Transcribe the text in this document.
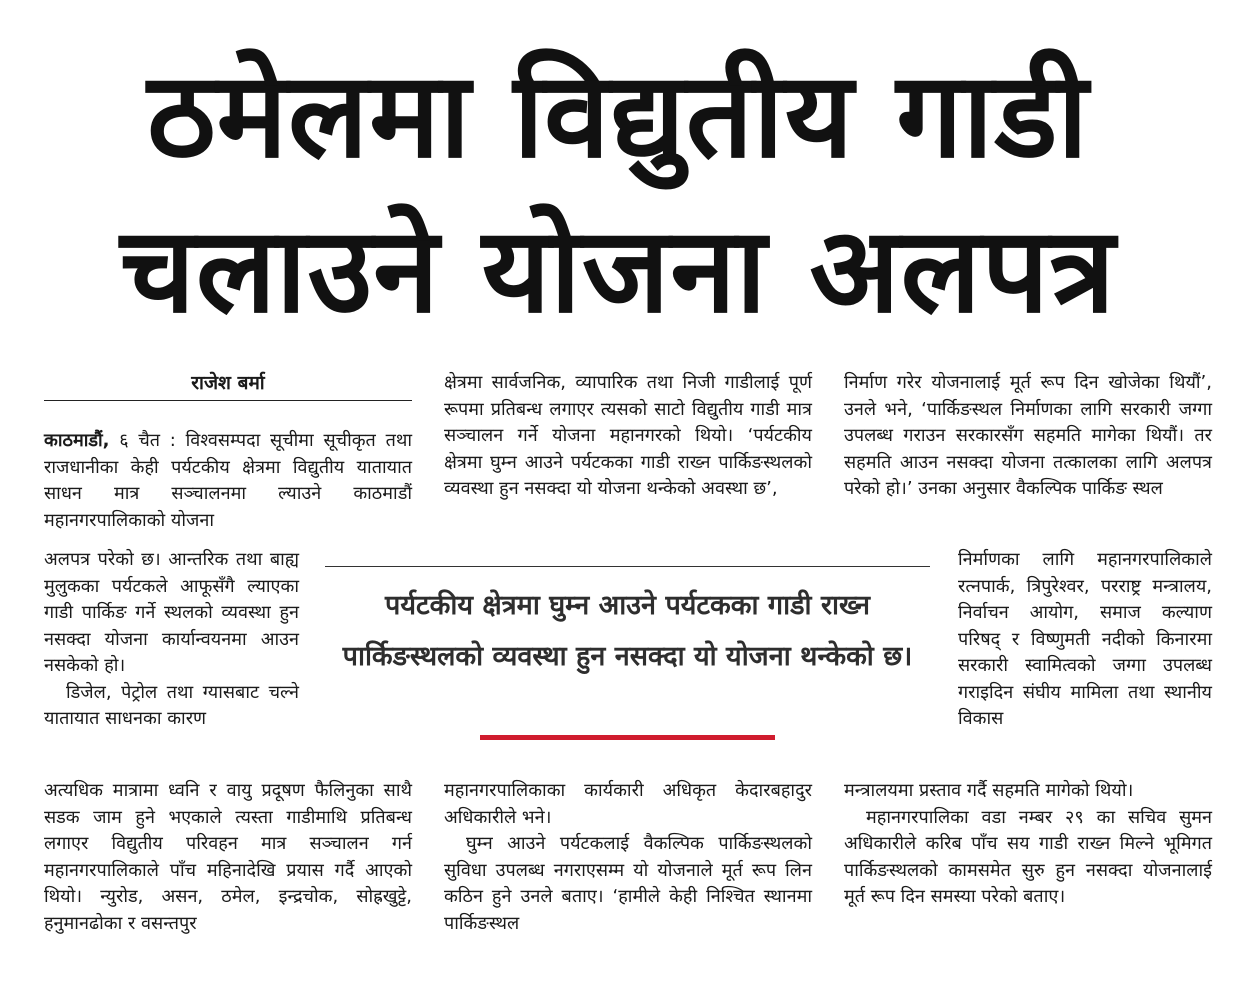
ठमेलमा विद्युतीय गाडी
चलाउने योजना अलपत्र
राजेश बर्मा

काठमाडौं, ६ चैत : विश्वसम्पदा सूचीमा सूचीकृत तथा राजधानीका केही पर्यटकीय क्षेत्रमा विद्युतीय यातायात साधन मात्र सञ्चालनमा ल्याउने काठमाडौं महानगरपालिकाको योजना

अलपत्र परेको छ। आन्तरिक तथा बाह्य मुलुकका पर्यटकले आफूसँगै ल्याएका गाडी पार्किङ गर्ने स्थलको व्यवस्था हुन नसक्दा योजना कार्यान्वयनमा आउन नसकेको हो।

डिजेल, पेट्रोल तथा ग्यासबाट चल्ने यातायात साधनका कारण

अत्यधिक मात्रामा ध्वनि र वायु प्रदूषण फैलिनुका साथै सडक जाम हुने भएकाले त्यस्ता गाडीमाथि प्रतिबन्ध लगाएर विद्युतीय परिवहन मात्र सञ्चालन गर्न महानगरपालिकाले पाँच महिनादेखि प्रयास गर्दै आएको थियो। न्युरोड, असन, ठमेल, इन्द्रचोक, सोह्रखुट्टे, हनुमानढोका र वसन्तपुर

क्षेत्रमा सार्वजनिक, व्यापारिक तथा निजी गाडीलाई पूर्ण रूपमा प्रतिबन्ध लगाएर त्यसको साटो विद्युतीय गाडी मात्र सञ्चालन गर्ने योजना महानगरको थियो। ‘पर्यटकीय क्षेत्रमा घुम्न आउने पर्यटकका गाडी राख्न पार्किङस्थलको व्यवस्था हुन नसक्दा यो योजना थन्केको अवस्था छ’,

महानगरपालिकाका कार्यकारी अधिकृत केदारबहादुर अधिकारीले भने।

घुम्न आउने पर्यटकलाई वैकल्पिक पार्किङस्थलको सुविधा उपलब्ध नगराएसम्म यो योजनाले मूर्त रूप लिन कठिन हुने उनले बताए। ‘हामीले केही निश्चित स्थानमा पार्किङस्थल

निर्माण गरेर योजनालाई मूर्त रूप दिन खोजेका थियौं’, उनले भने, ‘पार्किङस्थल निर्माणका लागि सरकारी जग्गा उपलब्ध गराउन सरकारसँग सहमति मागेका थियौं। तर सहमति आउन नसक्दा योजना तत्कालका लागि अलपत्र परेको हो।’ उनका अनुसार वैकल्पिक पार्किङ स्थल

निर्माणका लागि महानगरपालिकाले रत्नपार्क, त्रिपुरेश्वर, परराष्ट्र मन्त्रालय, निर्वाचन आयोग, समाज कल्याण परिषद् र विष्णुमती नदीको किनारमा सरकारी स्वामित्वको जग्गा उपलब्ध गराइदिन संघीय मामिला तथा स्थानीय विकास

मन्त्रालयमा प्रस्ताव गर्दै सहमति मागेको थियो।

महानगरपालिका वडा नम्बर २९ का सचिव सुमन अधिकारीले करिब पाँच सय गाडी राख्न मिल्ने भूमिगत पार्किङस्थलको कामसमेत सुरु हुन नसक्दा योजनालाई मूर्त रूप दिन समस्या परेको बताए।

पर्यटकीय क्षेत्रमा घुम्न आउने पर्यटकका गाडी राख्न पार्किङस्थलको व्यवस्था हुन नसक्दा यो योजना थन्केको छ।
